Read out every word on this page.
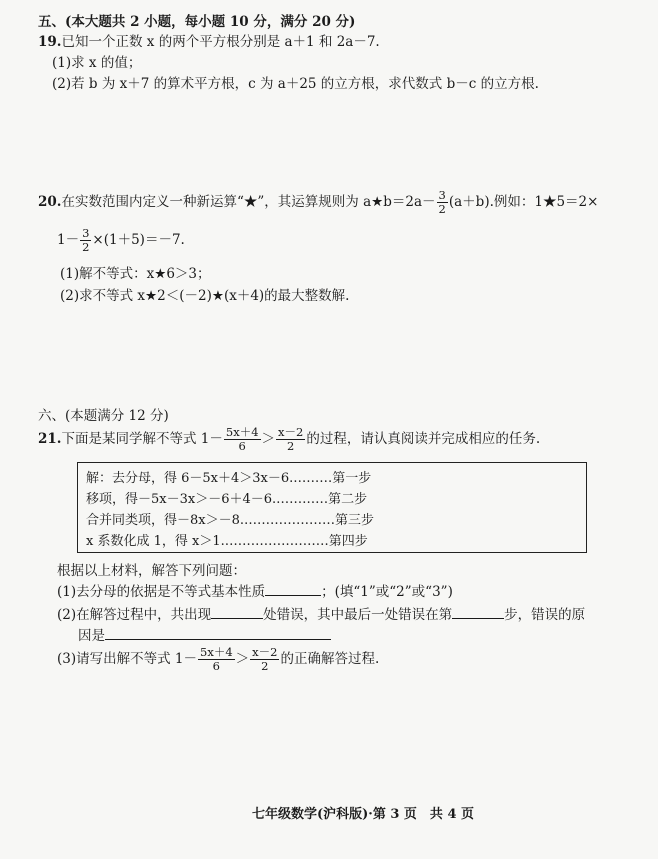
五、(本大题共 2 小题，每小题 10 分，满分 20 分)
19.已知一个正数 x 的两个平方根分别是 a＋1 和 2a－7.
(1)求 x 的值；
(2)若 b 为 x＋7 的算术平方根，c 为 a＋25 的立方根，求代数式 b－c 的立方根.
20.在实数范围内定义一种新运算“★”，其运算规则为 a★b＝2a－ $\frac{3}{2} (a+b)$.例如：1★5＝2×
$1- \frac{3}{2} \times(1+5)=-7$.
(1)解不等式：x★6＞3；
(2)求不等式 x★2＜(－2)★(x＋4)的最大整数解.
六、(本题满分 12 分)
21.下面是某同学解不等式 $1- \frac{5x+4}{6} > \frac{x-2}{2}$ 的过程，请认真阅读并完成相应的任务.
解：去分母，得 6－5x＋4＞3x－6.………第一步
移项，得－5x－3x＞－6＋4－6.…………第二步
合并同类项，得－8x＞－8.…………………第三步
x 系数化成 1，得 x＞1.……………………第四步
根据以上材料，解答下列问题：
(1)去分母的依据是不等式基本性质	；(填“1”或“2”或“3”)
(2)在解答过程中，共出现	处错误，其中最后一处错误在第	步，错误的原
因是
(3)请写出解不等式 $1- \frac{5x+4}{6} > \frac{x-2}{2}$ 的正确解答过程.
七年级数学(沪科版)·第 3 页　共 4 页
